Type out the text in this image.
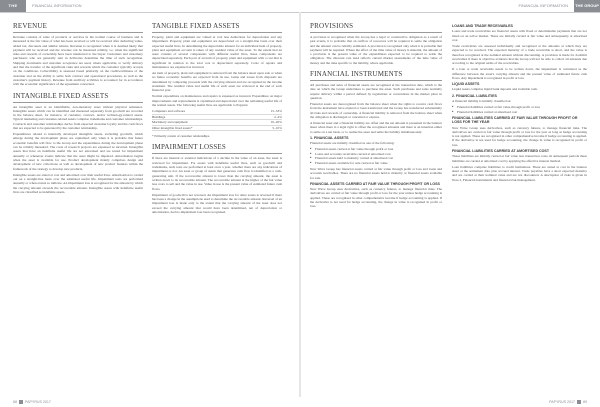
THE GROUP
FINANCIAL INFORMATION	FINANCIAL INFORMATION THE GROUP
REVENUE

Revenue consists of sales of products or services in the normal course of business and is measured at the fair value of what has been received or will be received after deducting value-added tax, discounts and similar returns. Revenue is recognised when it is deemed likely that payment will be received and the revenue can be measured reliably, i.e. when the significant risks and rewards of ownership have been transferred to the buyer. Customers and customary purchasers who are generally sent in deliveries determine the time of such recognition. Shipping documents and customer acceptance are used, where applicable, to verify delivery and that the transfer of the significant risks and rewards which the customer typically accepts on the conditions. Collectibility is assessed based primarily on the creditworthiness of the customer and on the ability to settle both contract and operational procedures, as well as the customer's payment history. Revenue from ancillary activities is accounted for in accordance with the economic significance of the agreement concerned.

INTANGIBLE FIXED ASSETS

An intangible asset is an identifiable, non-monetary asset without physical substance. Intangible assets which can be identified and measured separately from goodwill are recorded in the balance sheet, for instance, of customer, contract- and/or technology-related assets. Typical marketing and customer-related assets comprise trademarks and customer relationships. Contracts and customer relationships derive from expected customer loyalty and the cash flows that are expected to be generated by the customer relationship.

Expenditures related to internally developed intangible assets, excluding goodwill, which emerge during the development phase are capitalised only when it is probable that future economic benefits will flow to the Group and the expenditures during the development phase can be reliably measured. The costs of research projects are expensed as incurred. Intangible assets that have an indefinite useful life are not amortised and are tested for impairment annually or whenever events indicate that the asset might be impaired. Amortisation begins when the asset is available for use. Product development mainly comprises design and development of new collections as well as development of new product features within the framework of the strategy to develop new products.

Intangible assets are stated at cost and amortised over their useful lives. Amortisation is carried out on a straight-line basis over the estimated useful life. Impairment tests are performed annually or when events so indicate. An impairment loss is recognised for the amount by which the carrying amount exceeds the recoverable amount. Intangible assets with indefinite useful lives are classified as indefinite assets.

TANGIBLE FIXED ASSETS

Property, plant and equipment are valued at cost less deductions for depreciation and any impairment. Property, plant and equipment are depreciated on a straight-line basis over their expected useful lives. In determining the depreciable amount for an individual item of property, plant and equipment account is taken of any residual value of the asset. To the extent that an asset consists of several components with different useful lives, these components are depreciated separately. Each part of an item of property, plant and equipment with a cost that is significant in relation to the total cost is depreciated separately. Costs of repairs and maintenance are expensed as incurred.

An item of property, plant and equipment is removed from the balance sheet upon sale or when no future economic benefits are expected from its use. Gains and losses from disposals are determined by comparing proceeds with the carrying amount and are recognised in the income statement. The residual value and useful life of each asset are reviewed at the end of each financial year.

Normal expenditure on maintenance and repairs is expensed as incurred. Expenditure on major improvements and replacements is capitalised and depreciated over the remaining useful life of the related assets. The following useful lives are applicable to Papyrus:

Computers and software	15–33%
Buildings	2–4%
Machinery and equipment	10–20%
Other intangible fixed assets*	5–10%
* Primarily consist of customer relationships.
IMPAIRMENT LOSSES

If there are internal or external indications of a decline in the value of an asset, the asset is reviewed for impairment. For assets with indefinite useful lives, such as goodwill and trademarks, such tests are performed at least once a year, whether there are any indications of impairment or not. An asset or group of assets that generates cash flow is identified as a cash-generating unit. If the recoverable amount is lower than the carrying amount, the asset is written down to its recoverable amount. The recoverable amount is the higher of the fair value less costs to sell and the value in use. Value in use is the present value of estimated future cash flows.

Impairment of goodwill is not reversed. An impairment loss for other assets is reversed if there has been a change in the assumptions used to determine the recoverable amount. Reversal of an impairment loss is made only to the extent that the carrying amount of the asset does not exceed the carrying amount that would have been determined, net of depreciation or amortisation, had no impairment loss been recognised.

PROVISIONS

A provision is recognised when the Group has a legal or constructive obligation as a result of past events, it is probable that an outflow of resources will be required to settle the obligation and the amount can be reliably estimated. A provision is recognised only when it is probable that payment will be required. Where the effect of the time value of money is material, the amount of a provision is the present value of the expenditures expected to be required to settle the obligation. The discount rate used reflects current market assessments of the time value of money and the risks specific to the liability, where applicable.

FINANCIAL INSTRUMENTS

All purchases and sales of financial assets are recognised at the transaction date, which is the date on which the Group undertakes to purchase the asset. Such purchases and sales normally require delivery within a period defined by regulations or conventions in the market place in question.

Financial assets are derecognised from the balance sheet when the rights to receive cash flows from the instrument have expired or been transferred and the Group has transferred substantially all risks and rewards of ownership. A financial liability is removed from the balance sheet when the obligation is discharged or cancelled or expires.

A financial asset and a financial liability are offset and the net amount is presented in the balance sheet when there is a legal right to offset the recognised amounts and there is an intention either to settle on a net basis, or to realise the asset and settle the liability simultaneously.

1. FINANCIAL ASSETS

Financial assets are initially classified as one of the following:

■ Financial assets carried at fair value through profit or loss
■ Loans and accounts receivable carried at amortised cost
■ Financial assets held to maturity carried at amortised cost
■ Financial assets available for sale carried at fair value

New Wave Group has financial assets carried at fair value through profit or loss and loans and accounts receivables. There are no financial assets held to maturity or financial assets available for sale.

FINANCIAL ASSETS CARRIED AT FAIR VALUE THROUGH PROFIT OR LOSS

New Wave Group uses derivatives, such as currency futures, to manage financial risks. The derivatives are carried at fair value through profit or loss for the year unless hedge accounting is applied. These are recognised in other comprehensive income if hedge accounting is applied. If the derivative is not used for hedge accounting, the change in value is recognised in profit or loss.

LOANS AND TRADE RECEIVABLES

Loans and trade receivables are financial assets with fixed or determinable payments that are not listed on an active market. These are initially carried at fair value and subsequently at amortised cost.

Trade receivables are assessed individually and recognised at the amounts at which they are expected to be received. The expected maturity of a trade receivable is short, and the value is therefore recognised at the nominal amount without discounting. A provision is made for doubtful receivables if there is objective evidence that the Group will not be able to collect all amounts due according to the original terms of the receivables.

If a loan or trade receivable needs to be written down, the impairment is calculated as the difference between the asset's carrying amount and the present value of estimated future cash flows. Any impairment is recognised in profit or loss.

LIQUID ASSETS

Liquid assets comprise liquid bank deposits and available cash.

2. FINANCIAL LIABILITIES

A financial liability is initially classified as:

■ Financial liabilities carried at fair value through profit or loss
■ Financial liabilities carried at amortised cost
FINANCIAL LIABILITIES CARRIED AT FAIR VALUE THROUGH PROFIT OR LOSS FOR THE YEAR

New Wave Group uses derivatives, such as currency futures, to manage financial risks. The derivatives are carried at fair value through profit or loss for the year as long as hedge accounting is not applied. These are recognised in other comprehensive income if hedge accounting is applied. If the derivative is not used for hedge accounting, the change in value is recognised in profit or loss.

FINANCIAL LIABILITIES CARRIED AT AMORTISED COST

These liabilities are initially carried at fair value less transaction costs. In subsequent periods these liabilities are carried at amortised cost by applying the effective interest method.

Loan liabilities comprise liabilities to credit institutions. These are stated at cost in the balance sheet at the settlement date plus accrued interest. Trade payables have a short expected maturity and are carried at their nominal value and are not discounted. A description of risks is given in Note 2, Financial instruments and financial risk management.

88 PAPYRUS 2017	PAPYRUS 2017 89
